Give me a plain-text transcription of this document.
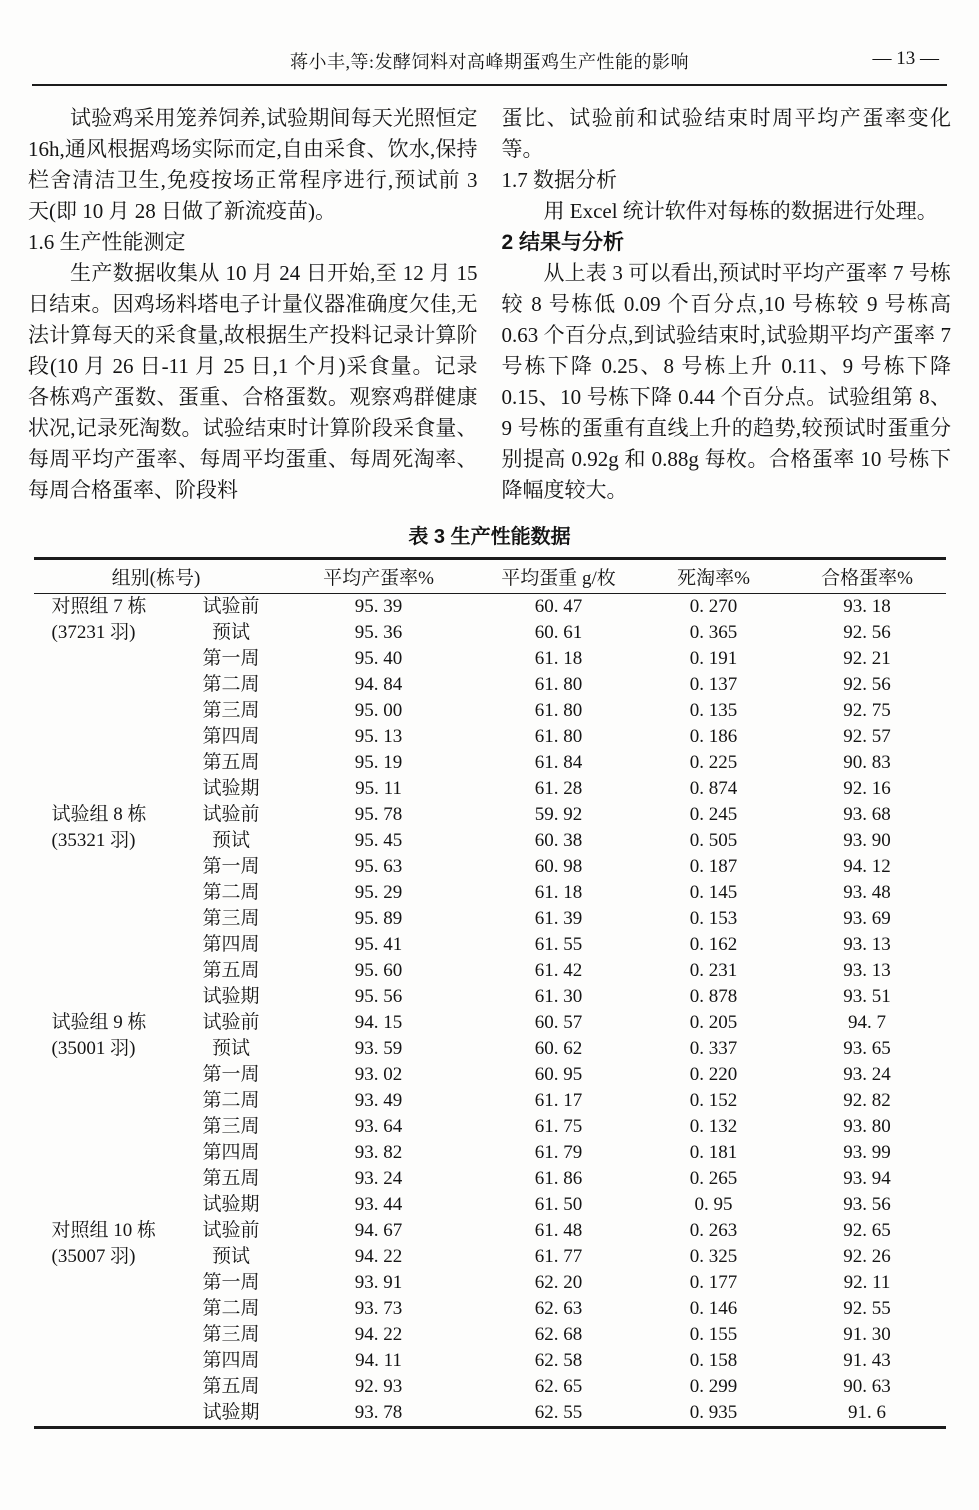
蒋小丰,等:发酵饲料对高峰期蛋鸡生产性能的影响	— 13 —

试验鸡采用笼养饲养,试验期间每天光照恒定 16h,通风根据鸡场实际而定,自由采食、饮水,保持栏舍清洁卫生,免疫按场正常程序进行,预试前 3 天(即 10 月 28 日做了新流疫苗)。

1.6 生产性能测定

生产数据收集从 10 月 24 日开始,至 12 月 15 日结束。因鸡场料塔电子计量仪器准确度欠佳,无法计算每天的采食量,故根据生产投料记录计算阶段(10 月 26 日-11 月 25 日,1 个月)采食量。记录各栋鸡产蛋数、蛋重、合格蛋数。观察鸡群健康状况,记录死淘数。试验结束时计算阶段采食量、每周平均产蛋率、每周平均蛋重、每周死淘率、每周合格蛋率、阶段料

蛋比、试验前和试验结束时周平均产蛋率变化等。

1.7 数据分析

用 Excel 统计软件对每栋的数据进行处理。

2 结果与分析

从上表 3 可以看出,预试时平均产蛋率 7 号栋较 8 号栋低 0.09 个百分点,10 号栋较 9 号栋高 0.63 个百分点,到试验结束时,试验期平均产蛋率 7 号栋下降 0.25、8 号栋上升 0.11、9 号栋下降 0.15、10 号栋下降 0.44 个百分点。试验组第 8、9 号栋的蛋重有直线上升的趋势,较预试时蛋重分别提高 0.92g 和 0.88g 每枚。合格蛋率 10 号栋下降幅度较大。

表 3 生产性能数据
组别(栋号)		平均产蛋率%	平均蛋重 g/枚	死淘率%	合格蛋率%
对照组 7 栋	试验前	95. 39	60. 47	0. 270	93. 18
(37231 羽)	预试	95. 36	60. 61	0. 365	92. 56
	第一周	95. 40	61. 18	0. 191	92. 21
	第二周	94. 84	61. 80	0. 137	92. 56
	第三周	95. 00	61. 80	0. 135	92. 75
	第四周	95. 13	61. 80	0. 186	92. 57
	第五周	95. 19	61. 84	0. 225	90. 83
	试验期	95. 11	61. 28	0. 874	92. 16
试验组 8 栋	试验前	95. 78	59. 92	0. 245	93. 68
(35321 羽)	预试	95. 45	60. 38	0. 505	93. 90
	第一周	95. 63	60. 98	0. 187	94. 12
	第二周	95. 29	61. 18	0. 145	93. 48
	第三周	95. 89	61. 39	0. 153	93. 69
	第四周	95. 41	61. 55	0. 162	93. 13
	第五周	95. 60	61. 42	0. 231	93. 13
	试验期	95. 56	61. 30	0. 878	93. 51
试验组 9 栋	试验前	94. 15	60. 57	0. 205	94. 7
(35001 羽)	预试	93. 59	60. 62	0. 337	93. 65
	第一周	93. 02	60. 95	0. 220	93. 24
	第二周	93. 49	61. 17	0. 152	92. 82
	第三周	93. 64	61. 75	0. 132	93. 80
	第四周	93. 82	61. 79	0. 181	93. 99
	第五周	93. 24	61. 86	0. 265	93. 94
	试验期	93. 44	61. 50	0. 95	93. 56
对照组 10 栋	试验前	94. 67	61. 48	0. 263	92. 65
(35007 羽)	预试	94. 22	61. 77	0. 325	92. 26
	第一周	93. 91	62. 20	0. 177	92. 11
	第二周	93. 73	62. 63	0. 146	92. 55
	第三周	94. 22	62. 68	0. 155	91. 30
	第四周	94. 11	62. 58	0. 158	91. 43
	第五周	92. 93	62. 65	0. 299	90. 63
	试验期	93. 78	62. 55	0. 935	91. 6
